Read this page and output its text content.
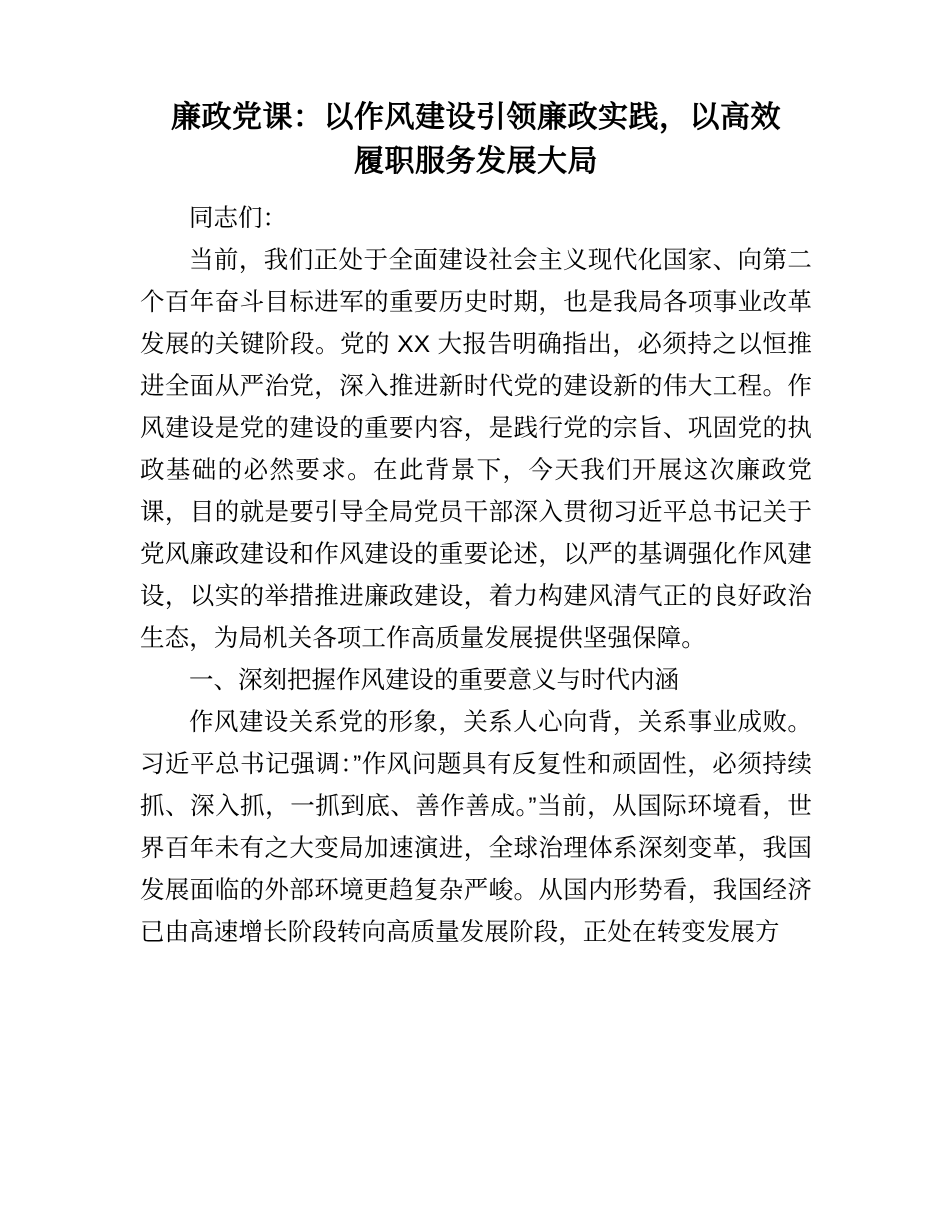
廉政党课：以作风建设引领廉政实践，以高效
履职服务发展大局

同志们：

当前，我们正处于全面建设社会主义现代化国家、向第二个百年奋斗目标进军的重要历史时期，也是我局各项事业改革发展的关键阶段。党的 XX 大报告明确指出，必须持之以恒推进全面从严治党，深入推进新时代党的建设新的伟大工程。作风建设是党的建设的重要内容，是践行党的宗旨、巩固党的执政基础的必然要求。在此背景下，今天我们开展这次廉政党课，目的就是要引导全局党员干部深入贯彻习近平总书记关于党风廉政建设和作风建设的重要论述，以严的基调强化作风建设，以实的举措推进廉政建设，着力构建风清气正的良好政治生态，为局机关各项工作高质量发展提供坚强保障。

一、深刻把握作风建设的重要意义与时代内涵

作风建设关系党的形象，关系人心向背，关系事业成败。习近平总书记强调：”作风问题具有反复性和顽固性，必须持续抓、深入抓，一抓到底、善作善成。”当前，从国际环境看，世界百年未有之大变局加速演进，全球治理体系深刻变革，我国发展面临的外部环境更趋复杂严峻。从国内形势看，我国经济已由高速增长阶段转向高质量发展阶段，正处在转变发展方
